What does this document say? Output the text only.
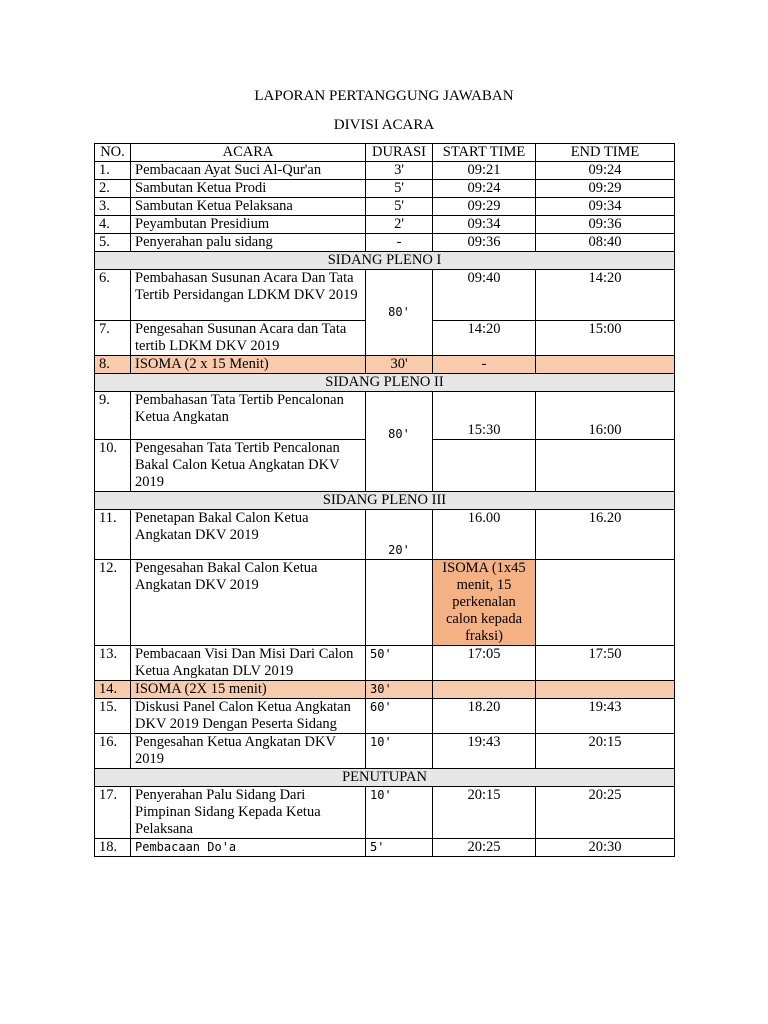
LAPORAN PERTANGGUNG JAWABAN
DIVISI ACARA
NO.	ACARA	DURASI	START TIME	END TIME
1.	Pembacaan Ayat Suci Al-Qur'an	3'	09:21	09:24
2.	Sambutan Ketua Prodi	5'	09:24	09:29
3.	Sambutan Ketua Pelaksana	5'	09:29	09:34
4.	Peyambutan Presidium	2'	09:34	09:36
5.	Penyerahan palu sidang	-	09:36	08:40
SIDANG PLENO I				
6.	Pembahasan Susunan Acara Dan Tata Tertib Persidangan LDKM DKV 2019	80'	09:40	14:20
7.	Pengesahan Susunan Acara dan Tata tertib LDKM DKV 2019		14:20	15:00
8.	ISOMA (2 x 15 Menit)	30'	-	
SIDANG PLENO II				
9.	Pembahasan Tata Tertib Pencalonan Ketua Angkatan	80'	15:30	16:00
10.	Pengesahan Tata Tertib Pencalonan Bakal Calon Ketua Angkatan DKV 2019			
SIDANG PLENO III				
11.	Penetapan Bakal Calon Ketua Angkatan DKV 2019	20'	16.00	16.20
12.	Pengesahan Bakal Calon Ketua Angkatan DKV 2019		ISOMA (1x45 menit, 15 perkenalan calon kepada fraksi)	
13.	Pembacaan Visi Dan Misi Dari Calon Ketua Angkatan DLV 2019	50'	17:05	17:50
14.	ISOMA (2X 15 menit)	30'		
15.	Diskusi Panel Calon Ketua Angkatan DKV 2019 Dengan Peserta Sidang	60'	18.20	19:43
16.	Pengesahan Ketua Angkatan DKV 2019	10'	19:43	20:15
PENUTUPAN				
17.	Penyerahan Palu Sidang Dari Pimpinan Sidang Kepada Ketua Pelaksana	10'	20:15	20:25
18.	Pembacaan Do'a	5'	20:25	20:30
